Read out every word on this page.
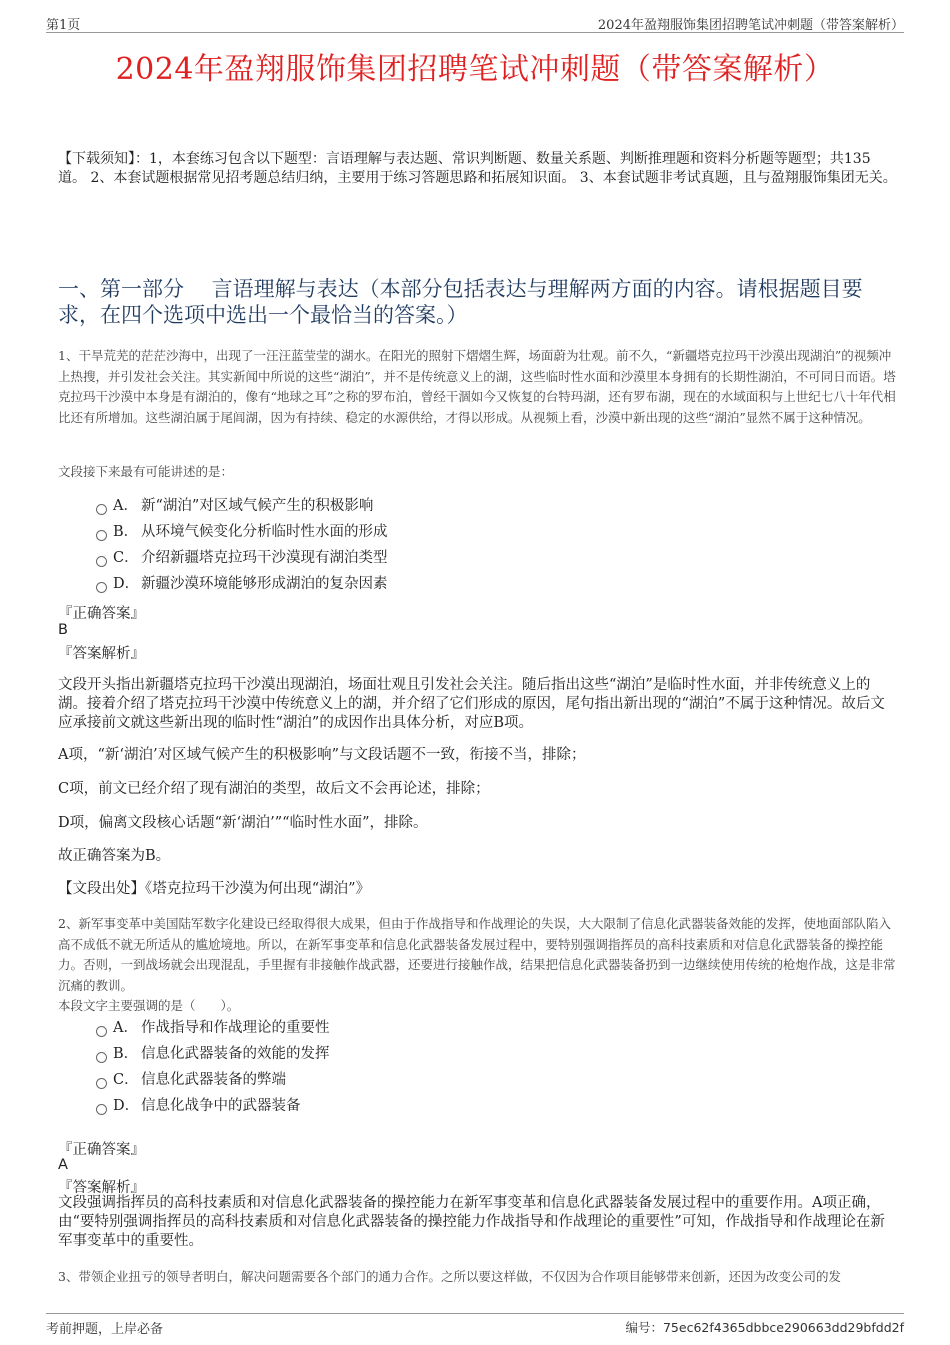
第1页	2024年盈翔服饰集团招聘笔试冲刺题（带答案解析）
2024年盈翔服饰集团招聘笔试冲刺题（带答案解析）
【下载须知】：1，本套练习包含以下题型：言语理解与表达题、常识判断题、数量关系题、判断推理题和资料分析题等题型；共135道。 2、本套试题根据常见招考题总结归纳，主要用于练习答题思路和拓展知识面。 3、本套试题非考试真题，且与盈翔服饰集团无关。
一、第一部分　 言语理解与表达（本部分包括表达与理解两方面的内容。请根据题目要求，在四个选项中选出一个最恰当的答案。）
1、干旱荒芜的茫茫沙海中，出现了一汪汪蓝莹莹的湖水。在阳光的照射下熠熠生辉，场面蔚为壮观。前不久，“新疆塔克拉玛干沙漠出现湖泊”的视频冲上热搜，并引发社会关注。其实新闻中所说的这些“湖泊”，并不是传统意义上的湖，这些临时性水面和沙漠里本身拥有的长期性湖泊，不可同日而语。塔克拉玛干沙漠中本身是有湖泊的，像有“地球之耳”之称的罗布泊，曾经干涸如今又恢复的台特玛湖，还有罗布湖，现在的水域面积与上世纪七八十年代相比还有所增加。这些湖泊属于尾闾湖，因为有持续、稳定的水源供给，才得以形成。从视频上看，沙漠中新出现的这些“湖泊”显然不属于这种情况。
文段接下来最有可能讲述的是：
A． 新“湖泊”对区域气候产生的积极影响
B． 从环境气候变化分析临时性水面的形成
C． 介绍新疆塔克拉玛干沙漠现有湖泊类型
D． 新疆沙漠环境能够形成湖泊的复杂因素
『正确答案』
B
『答案解析』
文段开头指出新疆塔克拉玛干沙漠出现湖泊，场面壮观且引发社会关注。随后指出这些“湖泊”是临时性水面，并非传统意义上的湖。接着介绍了塔克拉玛干沙漠中传统意义上的湖，并介绍了它们形成的原因，尾句指出新出现的“湖泊”不属于这种情况。故后文应承接前文就这些新出现的临时性“湖泊”的成因作出具体分析，对应B项。
A项，“新‘湖泊’对区域气候产生的积极影响”与文段话题不一致，衔接不当，排除；
C项，前文已经介绍了现有湖泊的类型，故后文不会再论述，排除；
D项，偏离文段核心话题“新‘湖泊’”“临时性水面”，排除。
故正确答案为B。
【文段出处】《塔克拉玛干沙漠为何出现“湖泊”》
2、新军事变革中美国陆军数字化建设已经取得很大成果，但由于作战指导和作战理论的失误，大大限制了信息化武器装备效能的发挥，使地面部队陷入高不成低不就无所适从的尴尬境地。所以，在新军事变革和信息化武器装备发展过程中，要特别强调指挥员的高科技素质和对信息化武器装备的操控能力。否则，一到战场就会出现混乱，手里握有非接触作战武器，还要进行接触作战，结果把信息化武器装备扔到一边继续使用传统的枪炮作战，这是非常沉痛的教训。
本段文字主要强调的是（　　）。
A． 作战指导和作战理论的重要性
B． 信息化武器装备的效能的发挥
C． 信息化武器装备的弊端
D． 信息化战争中的武器装备
『正确答案』
A
『答案解析』
文段强调指挥员的高科技素质和对信息化武器装备的操控能力在新军事变革和信息化武器装备发展过程中的重要作用。A项正确，由“要特别强调指挥员的高科技素质和对信息化武器装备的操控能力作战指导和作战理论的重要性”可知，作战指导和作战理论在新军事变革中的重要性。
3、带领企业扭亏的领导者明白，解决问题需要各个部门的通力合作。之所以要这样做，不仅因为合作项目能够带来创新，还因为改变公司的发
考前押题，上岸必备	编号：75ec62f4365dbbce290663dd29bfdd2f
